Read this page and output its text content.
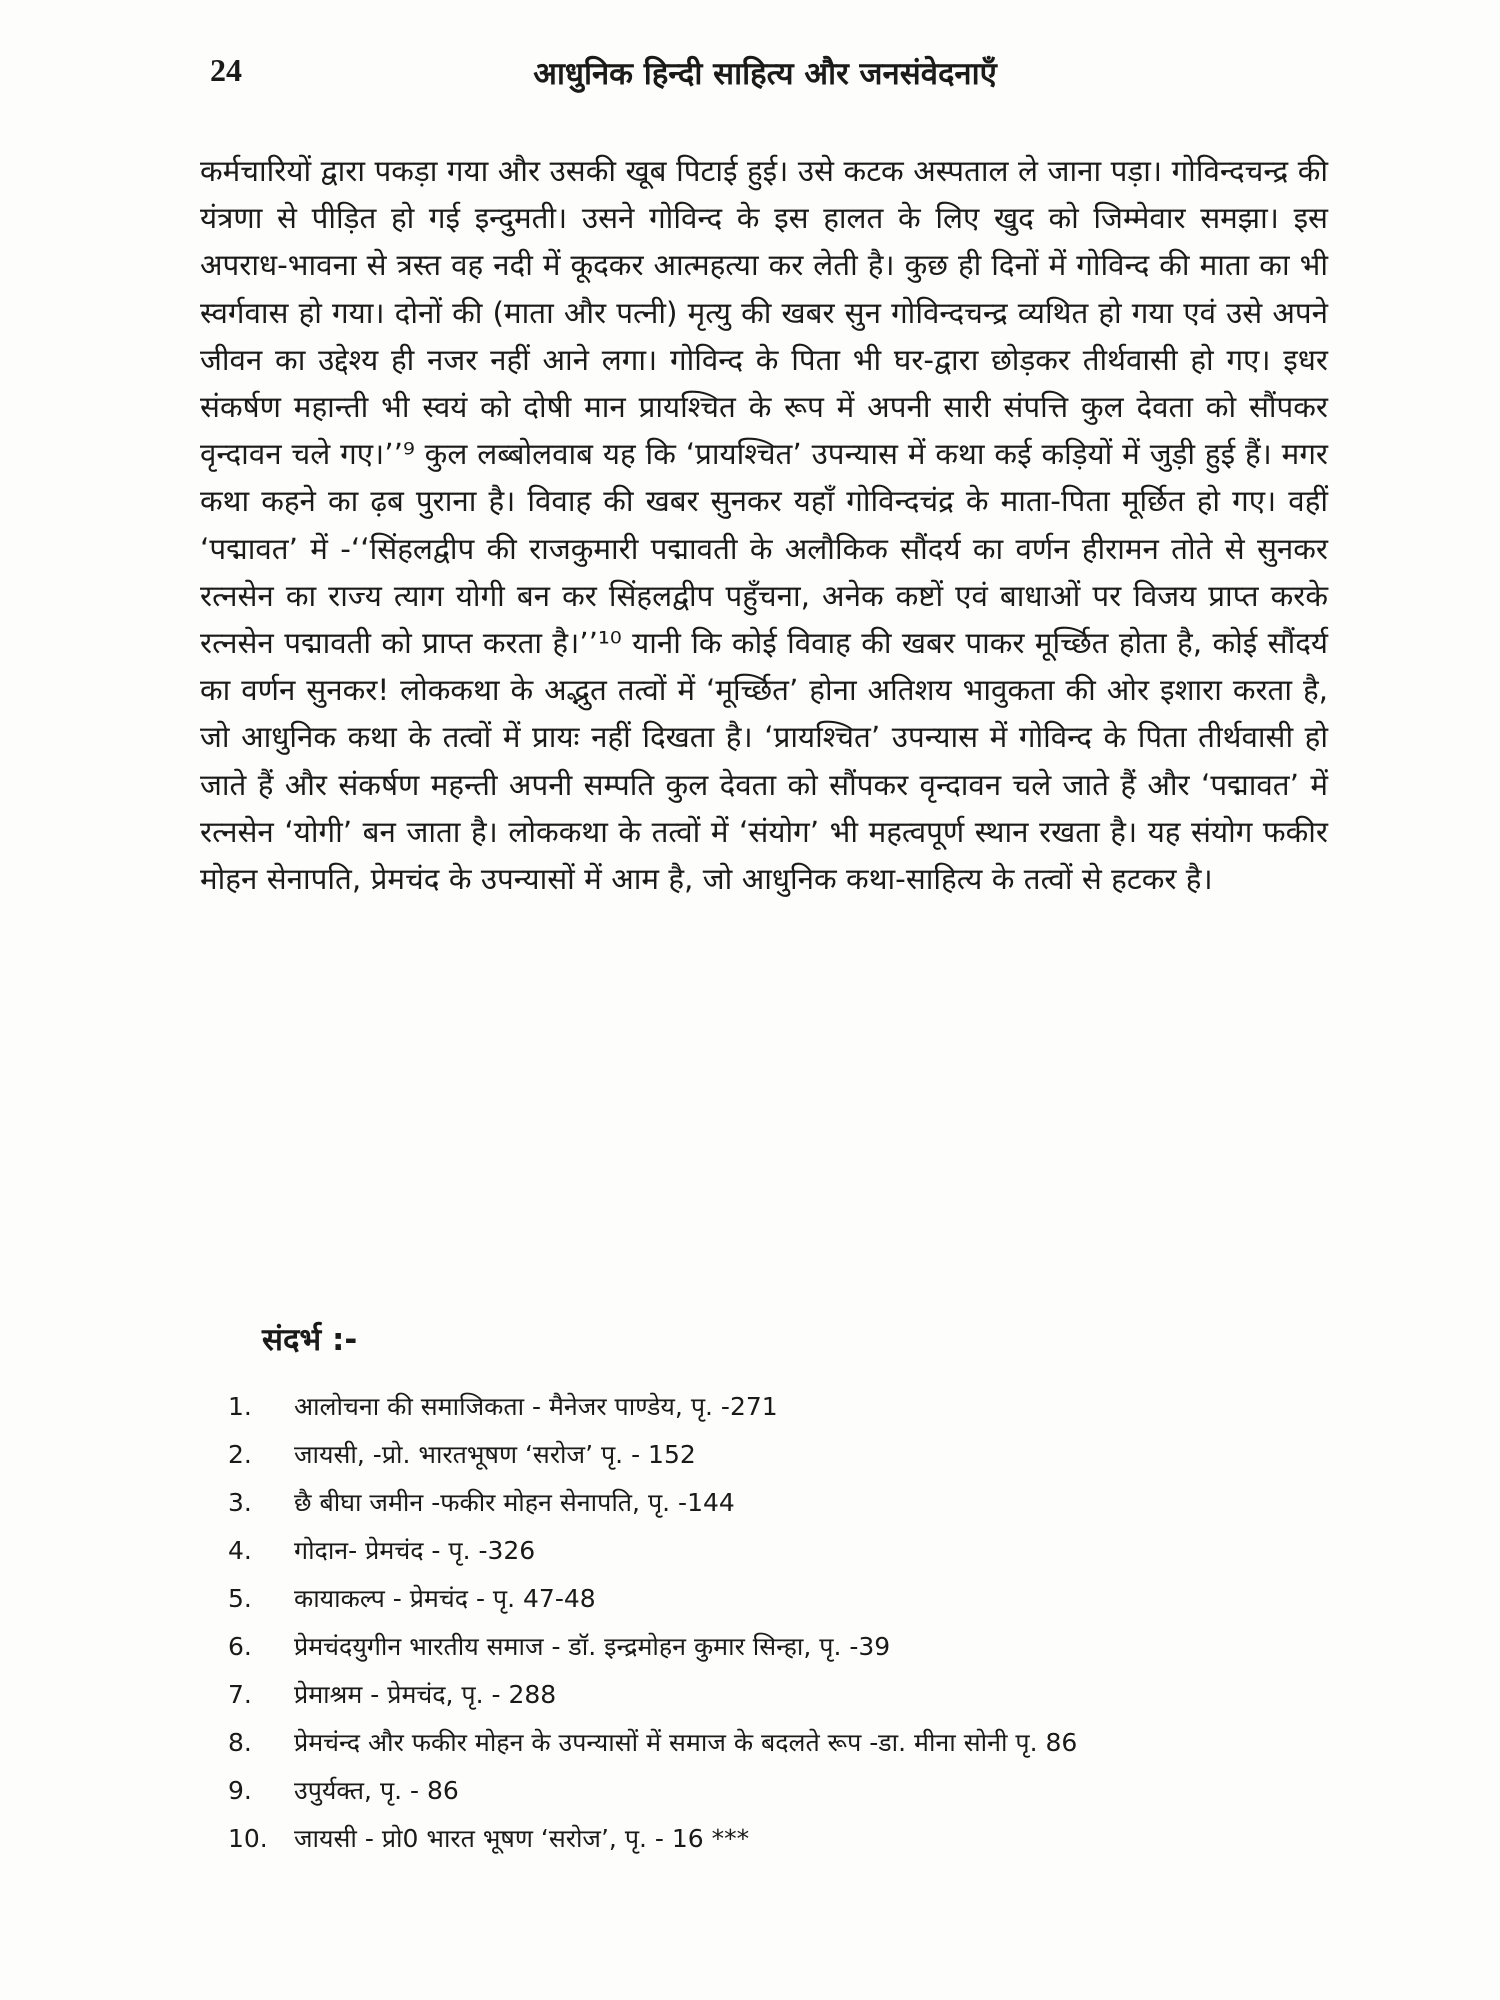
24	आधुनिक हिन्दी साहित्य और जनसंवेदनाएँ

कर्मचारियों द्वारा पकड़ा गया और उसकी खूब पिटाई हुई। उसे कटक अस्पताल ले जाना पड़ा। गोविन्दचन्द्र की यंत्रणा से पीड़ित हो गई इन्दुमती। उसने गोविन्द के इस हालत के लिए खुद को जिम्मेवार समझा। इस अपराध-भावना से त्रस्त वह नदी में कूदकर आत्महत्या कर लेती है। कुछ ही दिनों में गोविन्द की माता का भी स्वर्गवास हो गया। दोनों की (माता और पत्नी) मृत्यु की खबर सुन गोविन्दचन्द्र व्यथित हो गया एवं उसे अपने जीवन का उद्देश्य ही नजर नहीं आने लगा। गोविन्द के पिता भी घर-द्वारा छोड़कर तीर्थवासी हो गए। इधर संकर्षण महान्ती भी स्वयं को दोषी मान प्रायश्चित के रूप में अपनी सारी संपत्ति कुल देवता को सौंपकर वृन्दावन चले गए।’’⁹ कुल लब्बोलवाब यह कि ‘प्रायश्चित’ उपन्यास में कथा कई कड़ियों में जुड़ी हुई हैं। मगर कथा कहने का ढ़ब पुराना है। विवाह की खबर सुनकर यहाँ गोविन्दचंद्र के माता-पिता मूर्छित हो गए। वहीं ‘पद्मावत’ में -‘‘सिंहलद्वीप की राजकुमारी पद्मावती के अलौकिक सौंदर्य का वर्णन हीरामन तोते से सुनकर रत्नसेन का राज्य त्याग योगी बन कर सिंहलद्वीप पहुँचना, अनेक कष्टों एवं बाधाओं पर विजय प्राप्त करके रत्नसेन पद्मावती को प्राप्त करता है।’’¹⁰ यानी कि कोई विवाह की खबर पाकर मूर्च्छित होता है, कोई सौंदर्य का वर्णन सुनकर! लोककथा के अद्भुत तत्वों में ‘मूर्च्छित’ होना अतिशय भावुकता की ओर इशारा करता है, जो आधुनिक कथा के तत्वों में प्रायः नहीं दिखता है। ‘प्रायश्चित’ उपन्यास में गोविन्द के पिता तीर्थवासी हो जाते हैं और संकर्षण महन्ती अपनी सम्पति कुल देवता को सौंपकर वृन्दावन चले जाते हैं और ‘पद्मावत’ में रत्नसेन ‘योगी’ बन जाता है। लोककथा के तत्वों में ‘संयोग’ भी महत्वपूर्ण स्थान रखता है। यह संयोग फकीर मोहन सेनापति, प्रेमचंद के उपन्यासों में आम है, जो आधुनिक कथा-साहित्य के तत्वों से हटकर है।

संदर्भ :-
1.	आलोचना की समाजिकता - मैनेजर पाण्डेय, पृ. -271
2.	जायसी, -प्रो. भारतभूषण ‘सरोज’ पृ. - 152
3.	छै बीघा जमीन -फकीर मोहन सेनापति, पृ. -144
4.	गोदान- प्रेमचंद - पृ. -326
5.	कायाकल्प - प्रेमचंद - पृ. 47-48
6.	प्रेमचंदयुगीन भारतीय समाज - डॉ. इन्द्रमोहन कुमार सिन्हा, पृ. -39
7.	प्रेमाश्रम - प्रेमचंद, पृ. - 288
8.	प्रेमचंन्द और फकीर मोहन के उपन्यासों में समाज के बदलते रूप -डा. मीना सोनी पृ. 86
9.	उपुर्यक्त, पृ. - 86
10.	जायसी - प्रो0 भारत भूषण ‘सरोज’, पृ. - 16 ***
